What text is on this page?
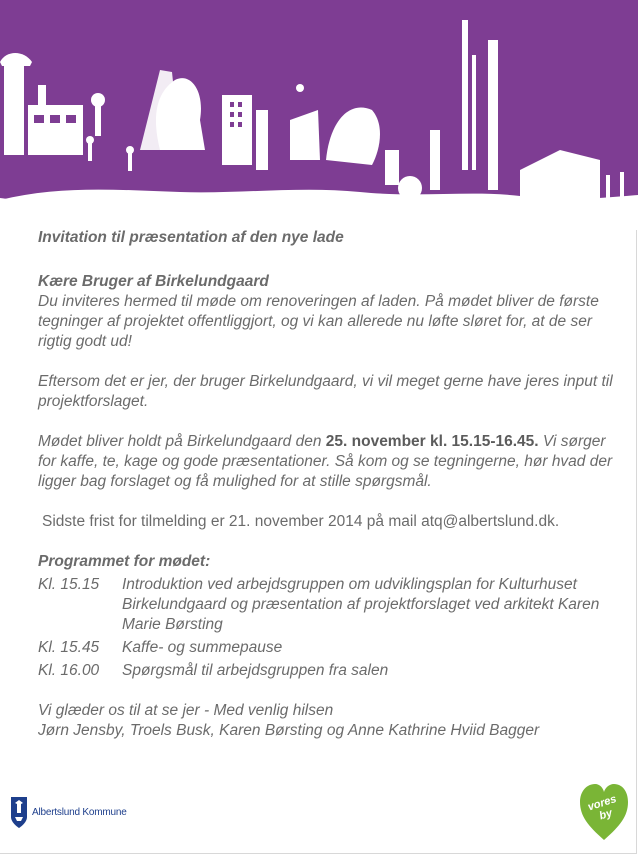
Invitation til præsentation af den nye lade

Kære Bruger af Birkelundgaard

Du inviteres hermed til møde om renoveringen af laden. På mødet bliver de første tegninger af projektet offentliggjort, og vi kan allerede nu løfte sløret for, at de ser rigtig godt ud!

Eftersom det er jer, der bruger Birkelundgaard, vi vil meget gerne have jeres input til projektforslaget.

Mødet bliver holdt på Birkelundgaard den 25. november kl. 15.15-16.45. Vi sørger for kaffe, te, kage og gode præsentationer. Så kom og se tegningerne, hør hvad der ligger bag forslaget og få mulighed for at stille spørgsmål.

Sidste frist for tilmelding er 21. november 2014 på mail atq@albertslund.dk.

Programmet for mødet:

Kl. 15.15	Introduktion ved arbejdsgruppen om udviklingsplan for Kulturhuset Birkelundgaard og præsentation af projektforslaget ved arkitekt Karen Marie Børsting
Kl. 15.45	Kaffe- og summepause
Kl. 16.00	Spørgsmål til arbejdsgruppen fra salen

Vi glæder os til at se jer - Med venlig hilsen

Jørn Jensby, Troels Busk, Karen Børsting og Anne Kathrine Hviid Bagger

Albertslund Kommune	vores by
